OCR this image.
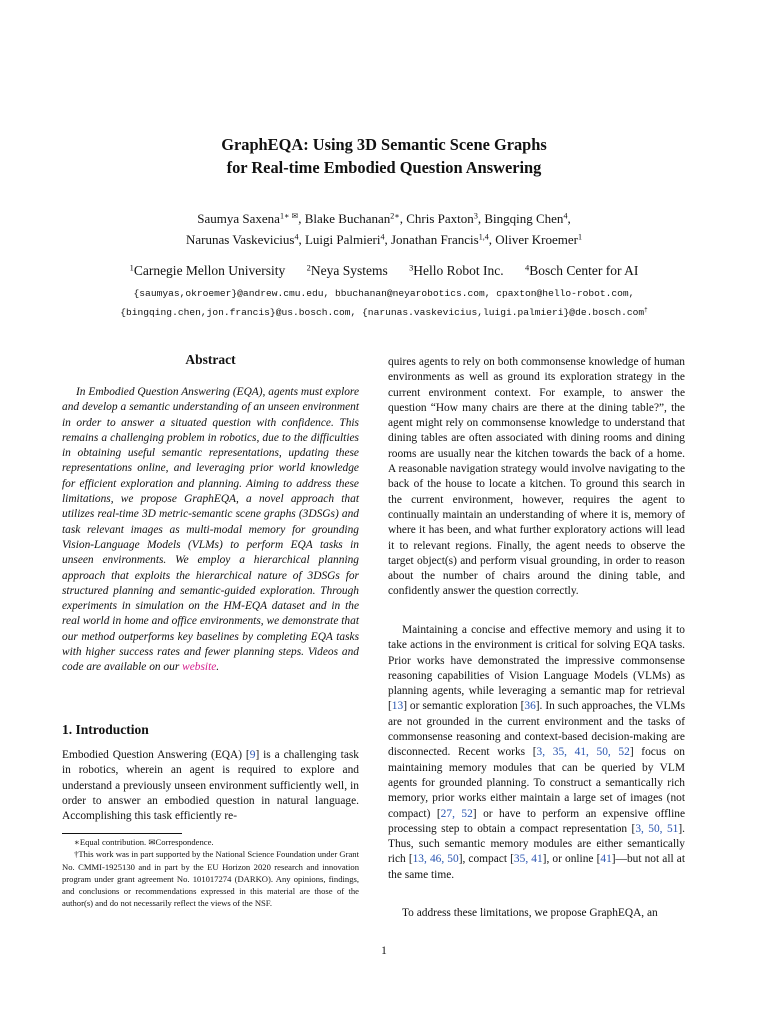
GraphEQA: Using 3D Semantic Scene Graphs
for Real-time Embodied Question Answering
Saumya Saxena$^{1∗ ✉}$, Blake Buchanan$^{2∗}$, Chris Paxton$^3$, Bingqing Chen$^4$,
Narunas Vaskevicius$^4$, Luigi Palmieri$^4$, Jonathan Francis$^{1,4}$, Oliver Kroemer$^1$
$^1$Carnegie Mellon University	$^2$Neya Systems	$^3$Hello Robot Inc.	$^4$Bosch Center for AI
{saumyas,okroemer}@andrew.cmu.edu, bbuchanan@neyarobotics.com, cpaxton@hello-robot.com,
{bingqing.chen,jon.francis}@us.bosch.com, {narunas.vaskevicius,luigi.palmieri}@de.bosch.com†
Abstract

In Embodied Question Answering (EQA), agents must explore and develop a semantic understanding of an unseen environment in order to answer a situated question with confidence. This remains a challenging problem in robotics, due to the difficulties in obtaining useful semantic representations, updating these representations online, and leveraging prior world knowledge for efficient exploration and planning. Aiming to address these limitations, we propose GraphEQA, a novel approach that utilizes real-time 3D metric-semantic scene graphs (3DSGs) and task relevant images as multi-modal memory for grounding Vision-Language Models (VLMs) to perform EQA tasks in unseen environments. We employ a hierarchical planning approach that exploits the hierarchical nature of 3DSGs for structured planning and semantic-guided exploration. Through experiments in simulation on the HM-EQA dataset and in the real world in home and office environments, we demonstrate that our method outperforms key baselines by completing EQA tasks with higher success rates and fewer planning steps. Videos and code are available on our website.

1. Introduction

Embodied Question Answering (EQA) [9] is a challenging task in robotics, wherein an agent is required to explore and understand a previously unseen environment sufficiently well, in order to answer an embodied question in natural language. Accomplishing this task efficiently re-

∗Equal contribution. ✉Correspondence.

†This work was in part supported by the National Science Foundation under Grant No. CMMI-1925130 and in part by the EU Horizon 2020 research and innovation program under grant agreement No. 101017274 (DARKO). Any opinions, findings, and conclusions or recommendations expressed in this material are those of the author(s) and do not necessarily reflect the views of the NSF.

quires agents to rely on both commonsense knowledge of human environments as well as ground its exploration strategy in the current environment context. For example, to answer the question “How many chairs are there at the dining table?”, the agent might rely on commonsense knowledge to understand that dining tables are often associated with dining rooms and dining rooms are usually near the kitchen towards the back of a home. A reasonable navigation strategy would involve navigating to the back of the house to locate a kitchen. To ground this search in the current environment, however, requires the agent to continually maintain an understanding of where it is, memory of where it has been, and what further exploratory actions will lead it to relevant regions. Finally, the agent needs to observe the target object(s) and perform visual grounding, in order to reason about the number of chairs around the dining table, and confidently answer the question correctly.

Maintaining a concise and effective memory and using it to take actions in the environment is critical for solving EQA tasks. Prior works have demonstrated the impressive commonsense reasoning capabilities of Vision Language Models (VLMs) as planning agents, while leveraging a semantic map for retrieval [13] or semantic exploration [36]. In such approaches, the VLMs are not grounded in the current environment and the tasks of commonsense reasoning and context-based decision-making are disconnected. Recent works [3, 35, 41, 50, 52] focus on maintaining memory modules that can be queried by VLM agents for grounded planning. To construct a semantically rich memory, prior works either maintain a large set of images (not compact) [27, 52] or have to perform an expensive offline processing step to obtain a compact representation [3, 50, 51]. Thus, such semantic memory modules are either semantically rich [13, 46, 50], compact [35, 41], or online [41]—but not all at the same time.

To address these limitations, we propose GraphEQA, an

1
